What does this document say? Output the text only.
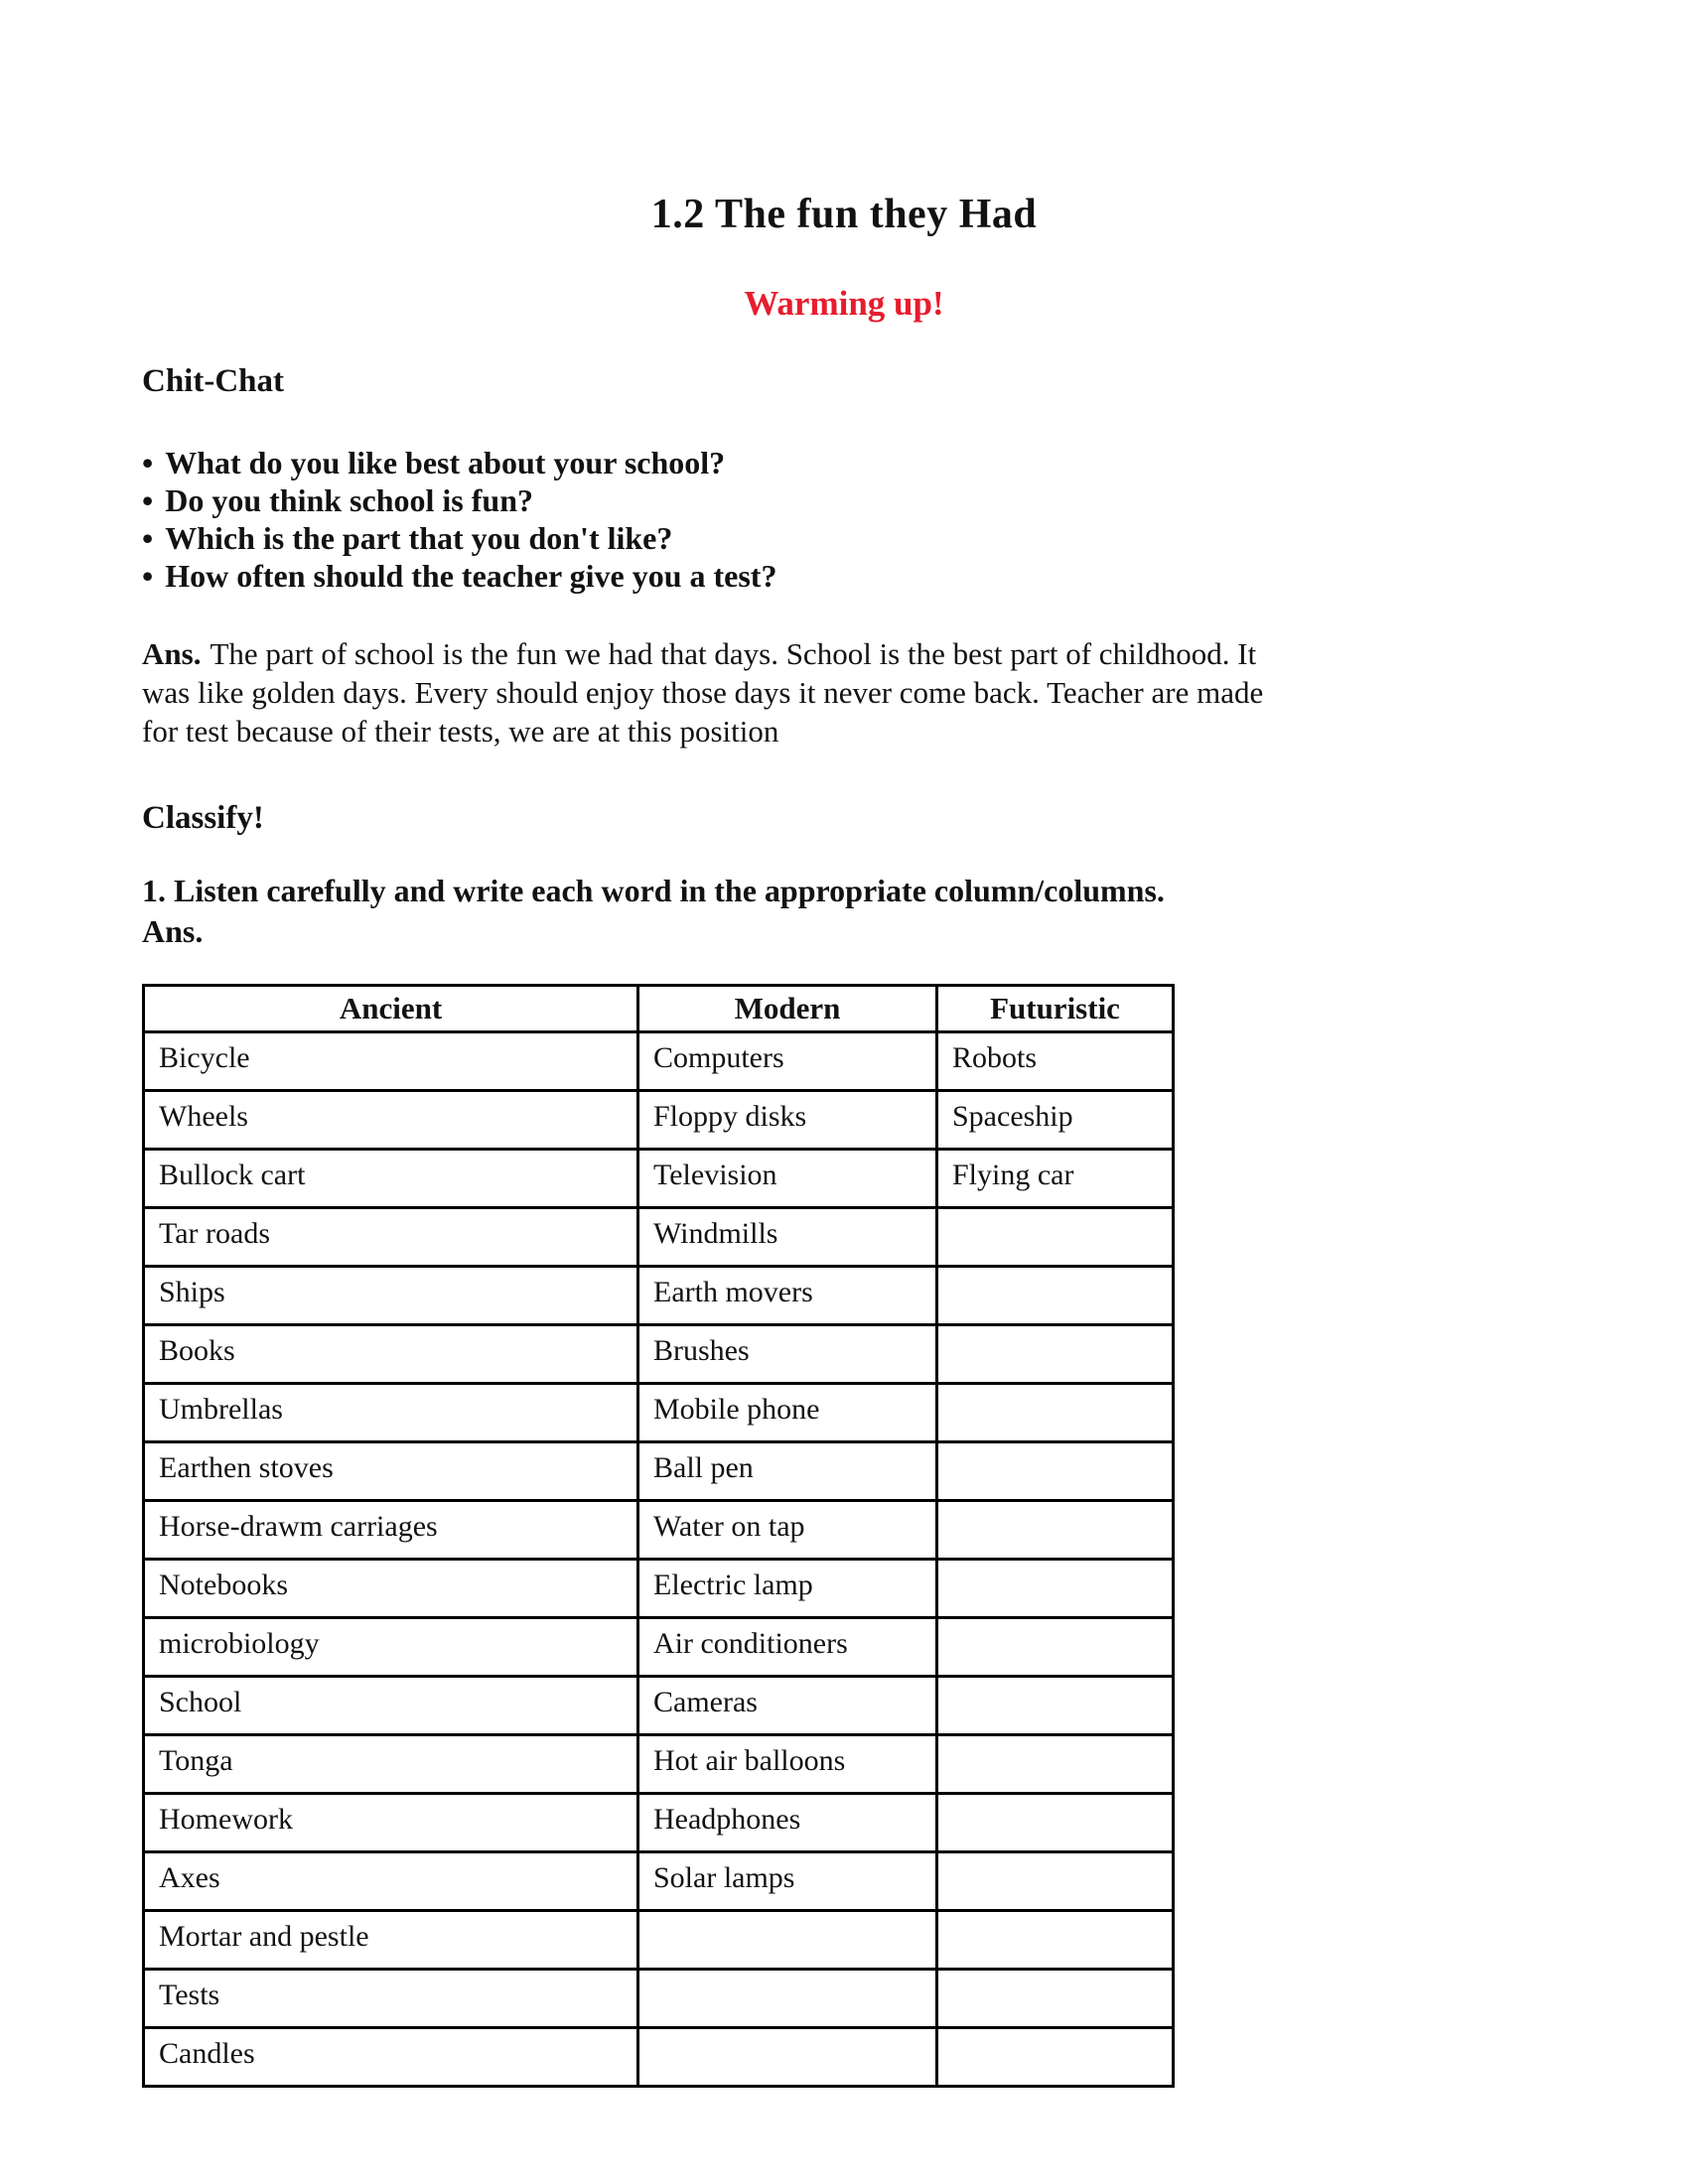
1.2 The fun they Had
Warming up!
Chit-Chat
• What do you like best about your school?
• Do you think school is fun?
• Which is the part that you don't like?
• How often should the teacher give you a test?

Ans. The part of school is the fun we had that days. School is the best part of childhood. It
was like golden days. Every should enjoy those days it never come back. Teacher are made
for test because of their tests, we are at this position

Classify!

1. Listen carefully and write each word in the appropriate column/columns.

Ans.

Ancient	Modern	Futuristic
Bicycle	Computers	Robots
Wheels	Floppy disks	Spaceship
Bullock cart	Television	Flying car
Tar roads	Windmills	
Ships	Earth movers	
Books	Brushes	
Umbrellas	Mobile phone	
Earthen stoves	Ball pen	
Horse-drawm carriages	Water on tap	
Notebooks	Electric lamp	
microbiology	Air conditioners	
School	Cameras	
Tonga	Hot air balloons	
Homework	Headphones	
Axes	Solar lamps	
Mortar and pestle		
Tests		
Candles		
